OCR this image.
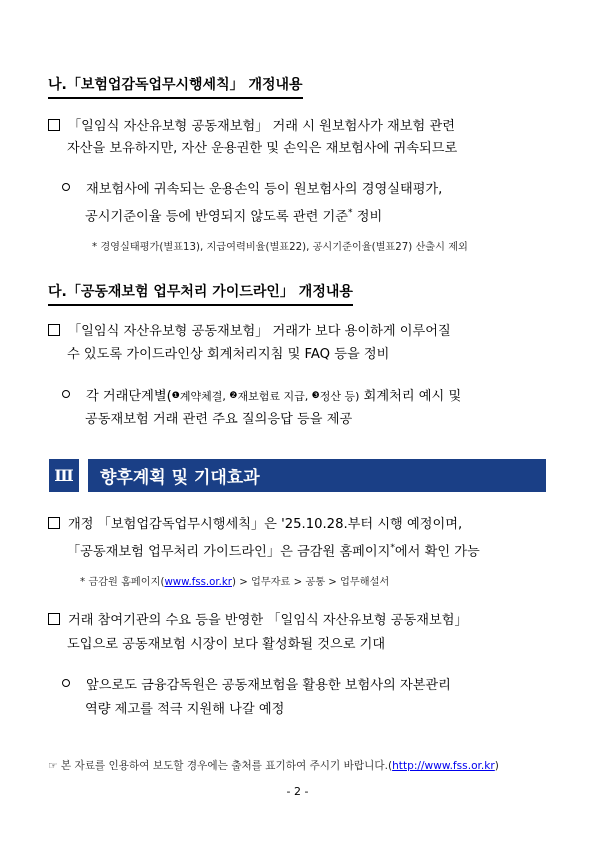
나.「보험업감독업무시행세칙」 개정내용
「일임식 자산유보형 공동재보험」 거래 시 원보험사가 재보험 관련
자산을 보유하지만, 자산 운용권한 및 손익은 재보험사에 귀속되므로
재보험사에 귀속되는 운용손익 등이 원보험사의 경영실태평가,
공시기준이율 등에 반영되지 않도록 관련 기준* 정비
* 경영실태평가(별표13), 지급여력비율(별표22), 공시기준이율(별표27) 산출시 제외
다.「공동재보험 업무처리 가이드라인」 개정내용
「일임식 자산유보형 공동재보험」 거래가 보다 용이하게 이루어질
수 있도록 가이드라인상 회계처리지침 및 FAQ 등을 정비
각 거래단계별(❶계약체결, ❷재보험료 지급, ❸정산 등) 회계처리 예시 및
공동재보험 거래 관련 주요 질의응답 등을 제공
Ⅲ	향후계획 및 기대효과
개정 「보험업감독업무시행세칙」은 '25.10.28.부터 시행 예정이며,
「공동재보험 업무처리 가이드라인」은 금감원 홈페이지*에서 확인 가능
* 금감원 홈페이지(www.fss.or.kr) > 업무자료 > 공통 > 업무해설서
거래 참여기관의 수요 등을 반영한 「일임식 자산유보형 공동재보험」
도입으로 공동재보험 시장이 보다 활성화될 것으로 기대
앞으로도 금융감독원은 공동재보험을 활용한 보험사의 자본관리
역량 제고를 적극 지원해 나갈 예정
☞ 본 자료를 인용하여 보도할 경우에는 출처를 표기하여 주시기 바랍니다.(http://www.fss.or.kr)
- 2 -
